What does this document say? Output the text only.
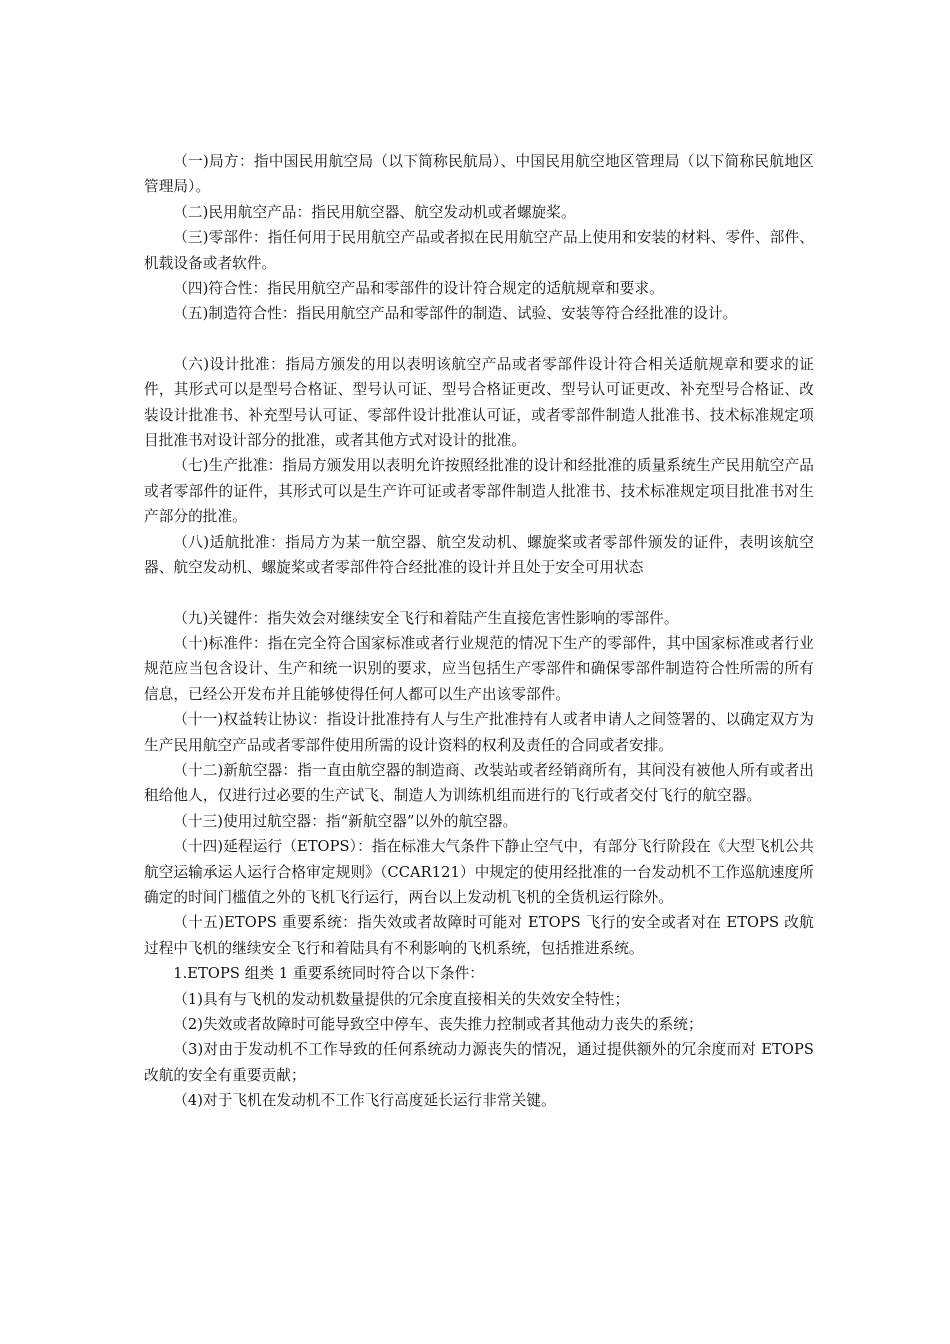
（一)局方：指中国民用航空局（以下简称民航局）、中国民用航空地区管理局（以下简称民航地区管理局）。

（二)民用航空产品：指民用航空器、航空发动机或者螺旋桨。

（三)零部件：指任何用于民用航空产品或者拟在民用航空产品上使用和安装的材料、零件、部件、机载设备或者软件。

（四)符合性：指民用航空产品和零部件的设计符合规定的适航规章和要求。

（五)制造符合性：指民用航空产品和零部件的制造、试验、安装等符合经批准的设计。

（六)设计批准：指局方颁发的用以表明该航空产品或者零部件设计符合相关适航规章和要求的证件，其形式可以是型号合格证、型号认可证、型号合格证更改、型号认可证更改、补充型号合格证、改装设计批准书、补充型号认可证、零部件设计批准认可证，或者零部件制造人批准书、技术标准规定项目批准书对设计部分的批准，或者其他方式对设计的批准。

（七)生产批准：指局方颁发用以表明允许按照经批准的设计和经批准的质量系统生产民用航空产品或者零部件的证件，其形式可以是生产许可证或者零部件制造人批准书、技术标准规定项目批准书对生产部分的批准。

（八)适航批准：指局方为某一航空器、航空发动机、螺旋桨或者零部件颁发的证件，表明该航空器、航空发动机、螺旋桨或者零部件符合经批准的设计并且处于安全可用状态

（九)关键件：指失效会对继续安全飞行和着陆产生直接危害性影响的零部件。

（十)标准件：指在完全符合国家标准或者行业规范的情况下生产的零部件，其中国家标准或者行业规范应当包含设计、生产和统一识别的要求，应当包括生产零部件和确保零部件制造符合性所需的所有信息，已经公开发布并且能够使得任何人都可以生产出该零部件。

（十一)权益转让协议：指设计批准持有人与生产批准持有人或者申请人之间签署的、以确定双方为生产民用航空产品或者零部件使用所需的设计资料的权利及责任的合同或者安排。

（十二)新航空器：指一直由航空器的制造商、改装站或者经销商所有，其间没有被他人所有或者出租给他人，仅进行过必要的生产试飞、制造人为训练机组而进行的飞行或者交付飞行的航空器。

（十三)使用过航空器：指“新航空器”以外的航空器。

（十四)延程运行（ETOPS）：指在标准大气条件下静止空气中，有部分飞行阶段在《大型飞机公共航空运输承运人运行合格审定规则》（CCAR121）中规定的使用经批准的一台发动机不工作巡航速度所确定的时间门槛值之外的飞机飞行运行，两台以上发动机飞机的全货机运行除外。

（十五)ETOPS 重要系统：指失效或者故障时可能对 ETOPS 飞行的安全或者对在 ETOPS 改航过程中飞机的继续安全飞行和着陆具有不利影响的飞机系统，包括推进系统。

1.ETOPS 组类 1 重要系统同时符合以下条件：

（1)具有与飞机的发动机数量提供的冗余度直接相关的失效安全特性；

（2)失效或者故障时可能导致空中停车、丧失推力控制或者其他动力丧失的系统；

（3)对由于发动机不工作导致的任何系统动力源丧失的情况，通过提供额外的冗余度而对 ETOPS 改航的安全有重要贡献；

（4)对于飞机在发动机不工作飞行高度延长运行非常关键。
